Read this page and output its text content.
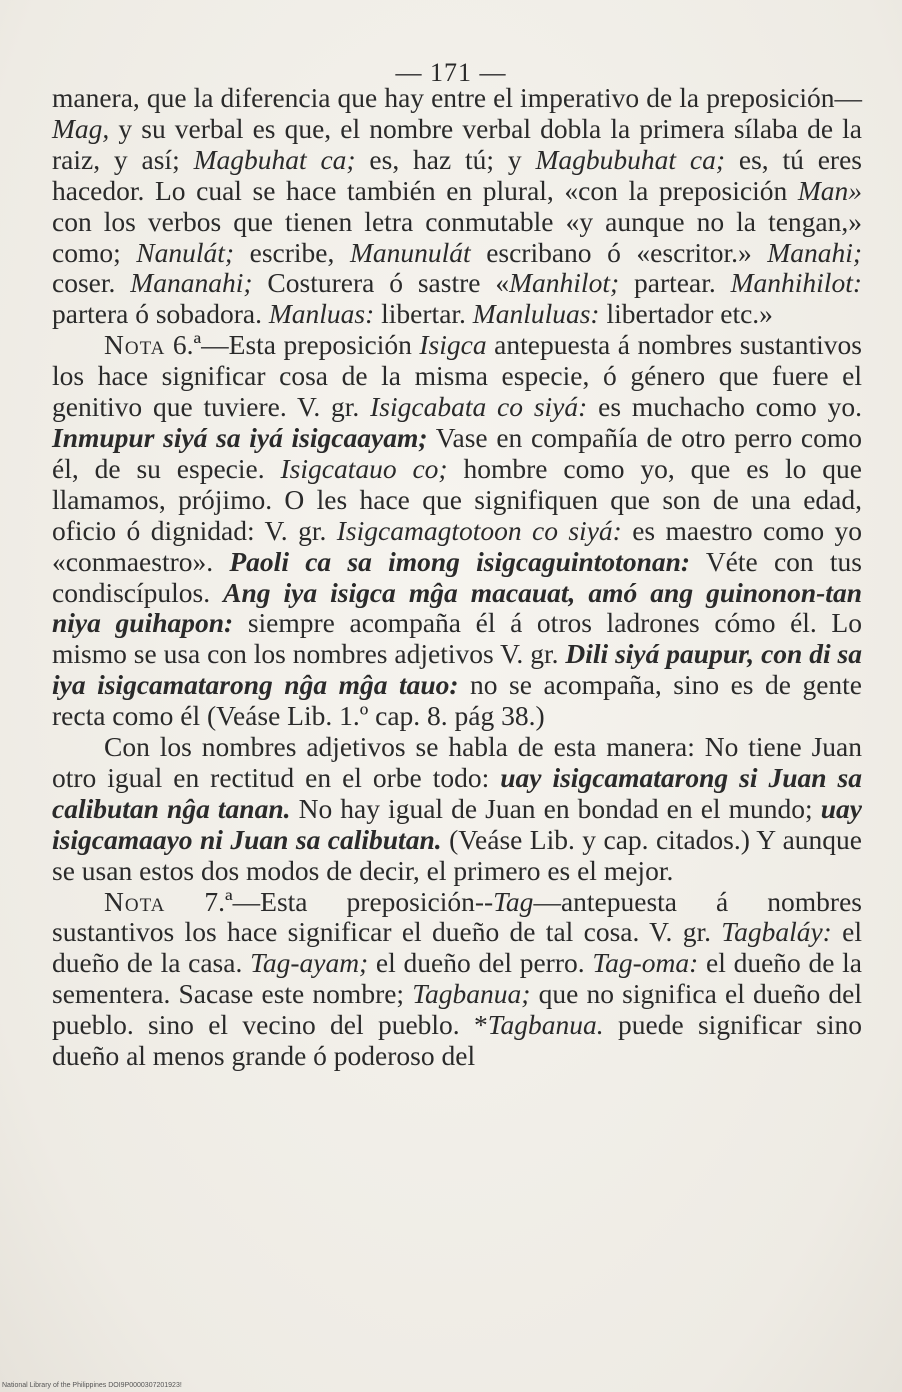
— 171 —

manera, que la diferencia que hay entre el imperativo de la preposición—Mag, y su verbal es que, el nombre verbal dobla la primera sílaba de la raiz, y así; Magbuhat ca; es, haz tú; y Magbubuhat ca; es, tú eres hacedor. Lo cual se hace también en plural, «con la preposición Man» con los verbos que tienen letra conmutable «y aunque no la tengan,» como; Nanulát; escribe, Manunulát escribano ó «escritor.» Manahi; coser. Mananahi; Costurera ó sastre «Manhilot; partear. Manhihilot: partera ó sobadora. Manluas: libertar. Manluluas: libertador etc.»

Nota 6.ª—Esta preposición Isigca antepuesta á nombres sustantivos los hace significar cosa de la misma especie, ó género que fuere el genitivo que tuviere. V. gr. Isigcabata co siyá: es muchacho como yo. Inmupur siyá sa iyá isigcaayam; Vase en compañía de otro perro como él, de su especie. Isigcatauo co; hombre como yo, que es lo que llamamos, prójimo. O les hace que signifiquen que son de una edad, oficio ó dignidad: V. gr. Isigcamagtotoon co siyá: es maestro como yo «conmaestro». Paoli ca sa imong isigcaguintotonan: Véte con tus condiscípulos. Ang iya isigca mĝa macauat, amó ang guinonon-tan niya guihapon: siempre acompaña él á otros ladrones cómo él. Lo mismo se usa con los nombres adjetivos V. gr. Dili siyá paupur, con di sa iya isigcamatarong nĝa mĝa tauo: no se acompaña, sino es de gente recta como él (Veáse Lib. 1.º cap. 8. pág 38.)

Con los nombres adjetivos se habla de esta manera: No tiene Juan otro igual en rectitud en el orbe todo: uay isigcamatarong si Juan sa calibutan nĝa tanan. No hay igual de Juan en bondad en el mundo; uay isigcamaayo ni Juan sa calibutan. (Veáse Lib. y cap. citados.) Y aunque se usan estos dos modos de decir, el primero es el mejor.

Nota 7.ª—Esta preposición--Tag—antepuesta á nombres sustantivos los hace significar el dueño de tal cosa. V. gr. Tagbaláy: el dueño de la casa. Tag-ayam; el dueño del perro. Tag-oma: el dueño de la sementera. Sacase este nombre; Tagbanua; que no significa el dueño del pueblo. sino el vecino del pueblo. *Tagbanua. puede significar sino dueño al menos grande ó poderoso del

National Library of the Philippines DOI9P0000307201923!
